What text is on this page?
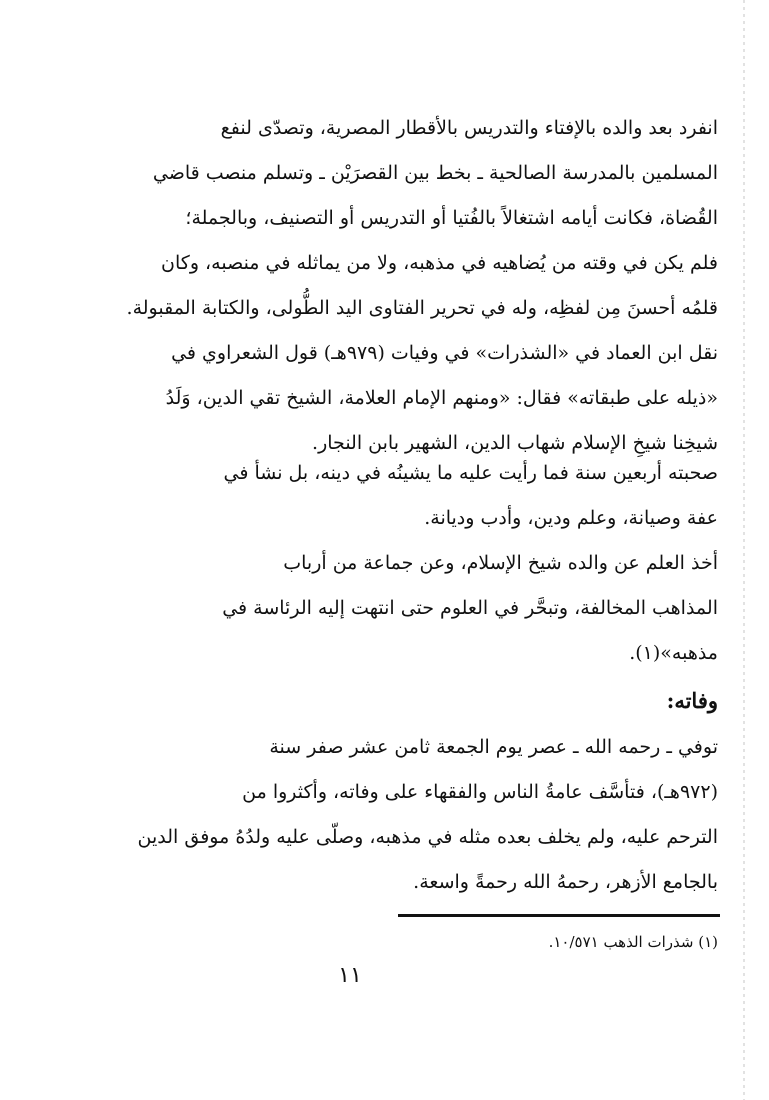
انفرد بعد والده بالإفتاء والتدريس بالأقطار المصرية، وتصدّى لنفع
المسلمين بالمدرسة الصالحية ـ بخط بين القصرَيْن ـ وتسلم منصب قاضي
القُضاة، فكانت أيامه اشتغالاً بالفُتيا أو التدريس أو التصنيف، وبالجملة؛
فلم يكن في وقته من يُضاهيه في مذهبه، ولا من يماثله في منصبه، وكان
قلمُه أحسنَ مِن لفظِه، وله في تحرير الفتاوى اليد الطُّولى، والكتابة المقبولة.
نقل ابن العماد في «الشذرات» في وفيات (٩٧٩هـ) قول الشعراوي في
«ذيله على طبقاته» فقال: «ومنهم الإمام العلامة، الشيخ تقي الدين، وَلَدُ
شيخِنا شيخِ الإسلام شهاب الدين، الشهير بابن النجار.
صحبته أربعين سنة فما رأيت عليه ما يشينُه في دينه، بل نشأ في
عفة وصيانة، وعلم ودين، وأدب وديانة.
أخذ العلم عن والده شيخ الإسلام، وعن جماعة من أرباب
المذاهب المخالفة، وتبحَّر في العلوم حتى انتهت إليه الرئاسة في
مذهبه»(١).
وفاته:
توفي ـ رحمه الله ـ عصر يوم الجمعة ثامن عشر صفر سنة
(٩٧٢هـ)، فتأسَّف عامةُ الناس والفقهاء على وفاته، وأكثروا من
الترحم عليه، ولم يخلف بعده مثله في مذهبه، وصلّى عليه ولدُهُ موفق الدين
بالجامع الأزهر، رحمهُ الله رحمةً واسعة.
(١) شذرات الذهب ١٠/٥٧١.
١١
